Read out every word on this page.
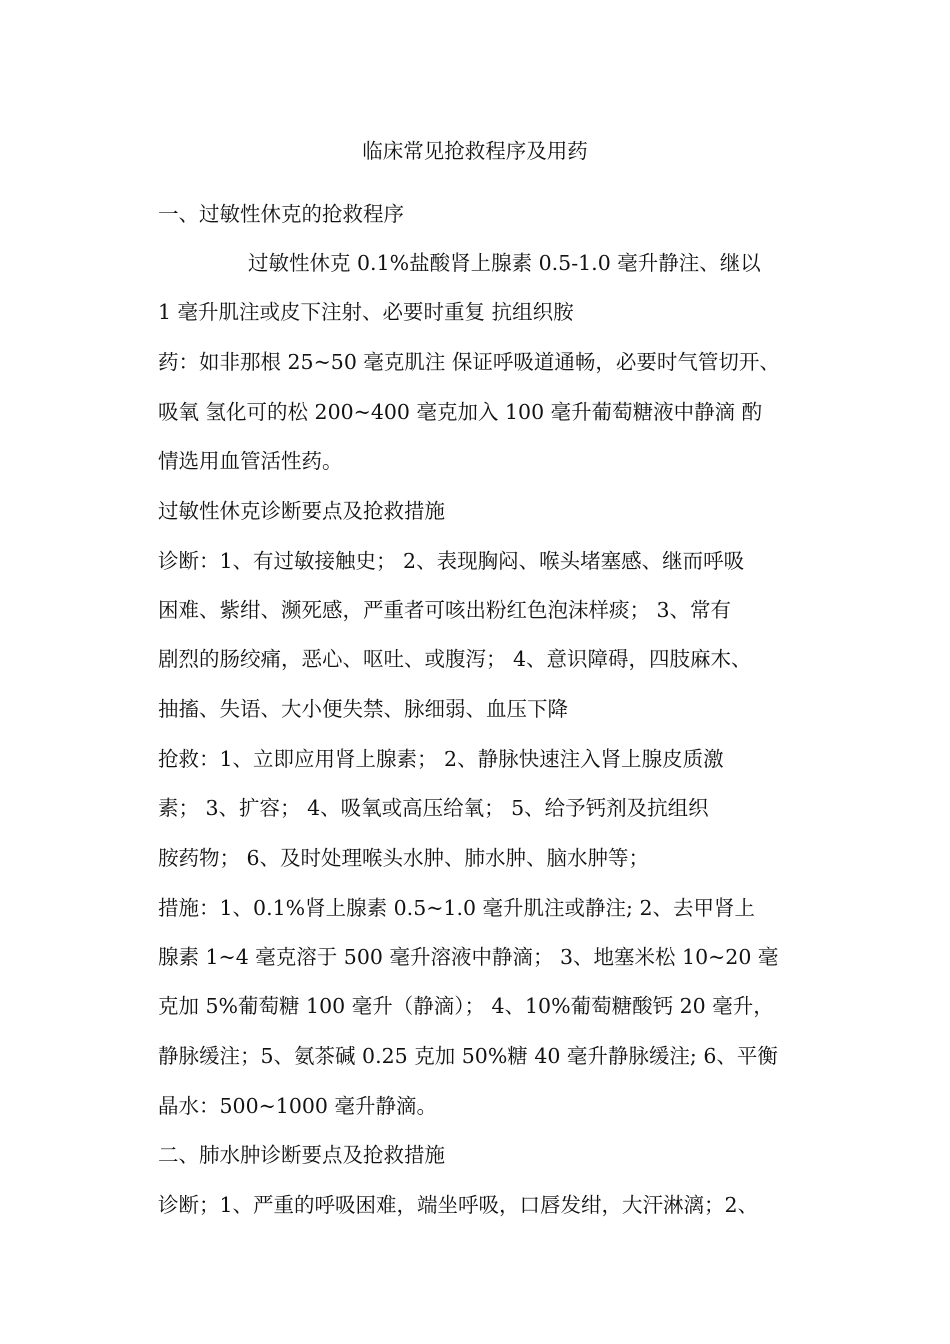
临床常见抢救程序及用药
一、过敏性休克的抢救程序
过敏性休克 0.1%盐酸肾上腺素 0.5-1.0 毫升静注、继以
1 毫升肌注或皮下注射、必要时重复 抗组织胺
药：如非那根 25~50 毫克肌注 保证呼吸道通畅，必要时气管切开、
吸氧 氢化可的松 200~400 毫克加入 100 毫升葡萄糖液中静滴 酌
情选用血管活性药。
过敏性休克诊断要点及抢救措施
诊断：1、有过敏接触史； 2、表现胸闷、喉头堵塞感、继而呼吸
困难、紫绀、濒死感，严重者可咳出粉红色泡沫样痰； 3、常有
剧烈的肠绞痛，恶心、呕吐、或腹泻； 4、意识障碍，四肢麻木、
抽搐、失语、大小便失禁、脉细弱、血压下降
抢救：1、立即应用肾上腺素； 2、静脉快速注入肾上腺皮质激
素； 3、扩容； 4、吸氧或高压给氧； 5、给予钙剂及抗组织
胺药物； 6、及时处理喉头水肿、肺水肿、脑水肿等；
措施：1、0.1%肾上腺素 0.5~1.0 毫升肌注或静注; 2、去甲肾上
腺素 1~4 毫克溶于 500 毫升溶液中静滴； 3、地塞米松 10~20 毫
克加 5%葡萄糖 100 毫升（静滴）； 4、10%葡萄糖酸钙 20 毫升，
静脉缓注；5、氨茶碱 0.25 克加 50%糖 40 毫升静脉缓注; 6、平衡
晶水：500~1000 毫升静滴。
二、肺水肿诊断要点及抢救措施
诊断；1、严重的呼吸困难，端坐呼吸，口唇发绀，大汗淋漓；2、
